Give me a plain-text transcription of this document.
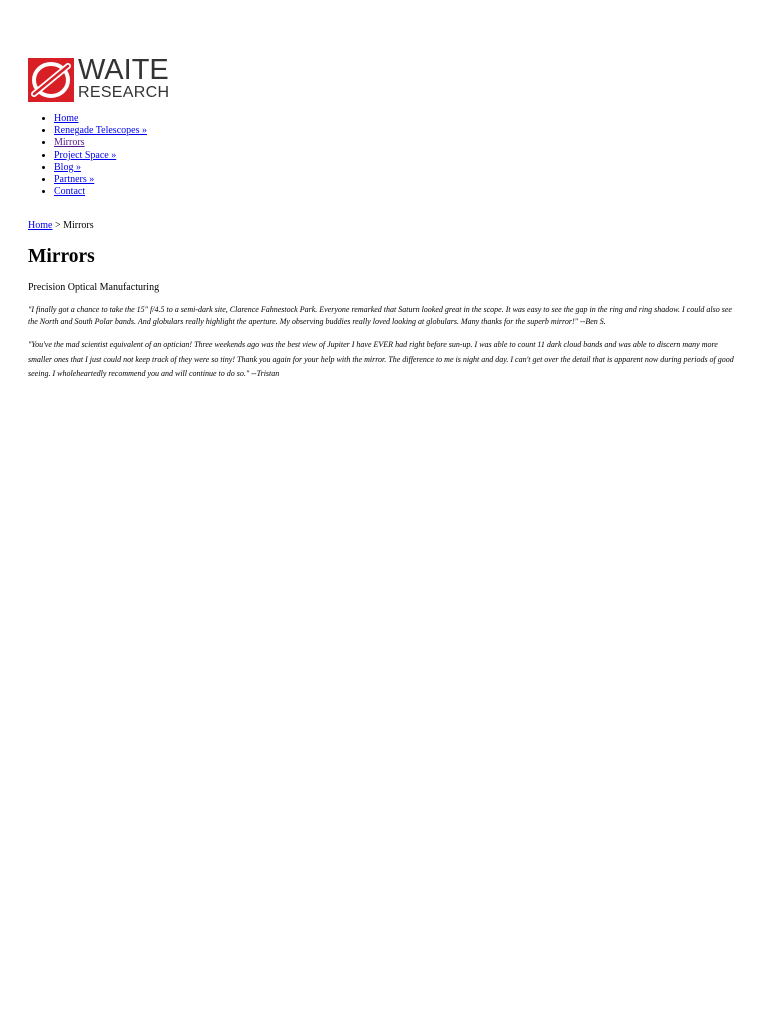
WAITE
RESEARCH
• Home
• Renegade Telescopes »
• Mirrors
• Project Space »
• Blog »
• Partners »
• Contact
Home > Mirrors
Mirrors

Precision Optical Manufacturing

"I finally got a chance to take the 15" f/4.5 to a semi-dark site, Clarence Fahnestock Park. Everyone remarked that Saturn looked great in the scope. It was easy to see the gap in the ring and ring shadow. I could also see the North and South Polar bands. And globulars really highlight the aperture. My observing buddies really loved looking at globulars. Many thanks for the superb mirror!" --Ben S.

"You've the mad scientist equivalent of an optician! Three weekends ago was the best view of Jupiter I have EVER had right before sun-up. I was able to count 11 dark cloud bands and was able to discern many more smaller ones that I just could not keep track of they were so tiny! Thank you again for your help with the mirror. The difference to me is night and day. I can't get over the detail that is apparent now during periods of good seeing. I wholeheartedly recommend you and will continue to do so." --Tristan
